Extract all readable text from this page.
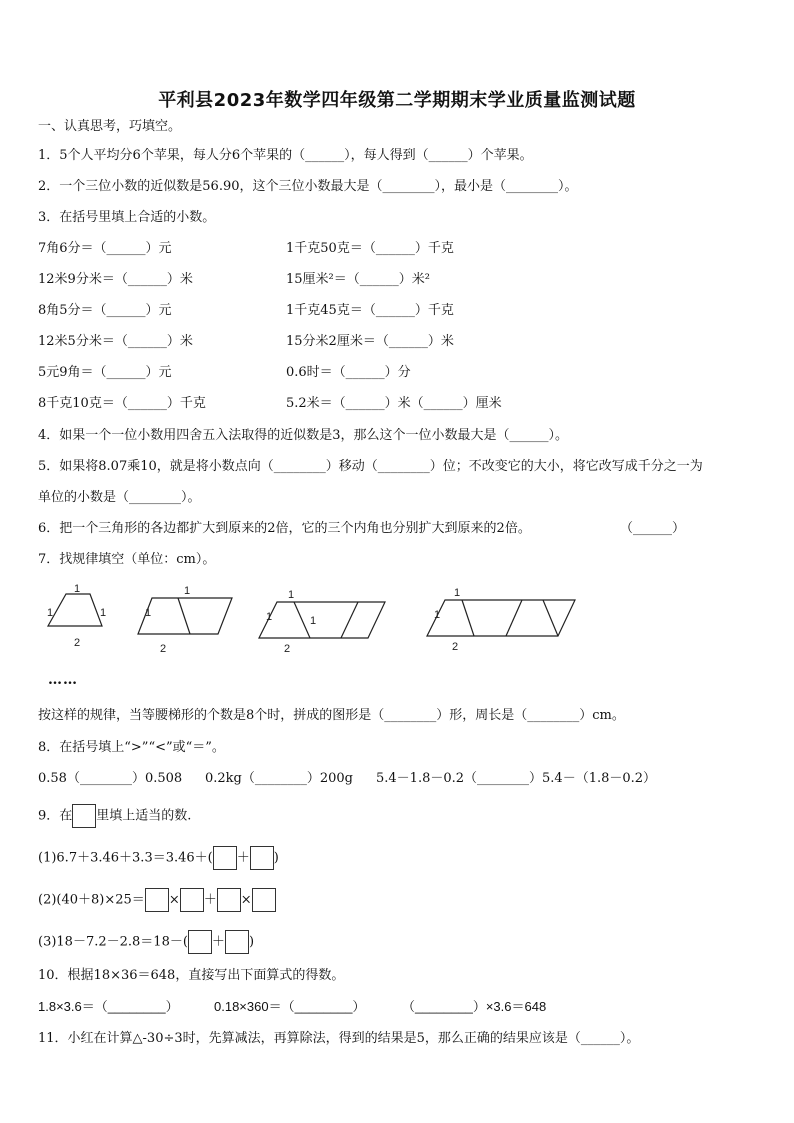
平利县2023年数学四年级第二学期期末学业质量监测试题
一、认真思考，巧填空。
1．5个人平均分6个苹果，每人分6个苹果的（______），每人得到（______）个苹果。
2．一个三位小数的近似数是56.90，这个三位小数最大是（________），最小是（________）。
3．在括号里填上合适的小数。
7角6分＝（______）元	1千克50克＝（______）千克
12米9分米＝（______）米	15厘米²＝（______）米²
8角5分＝（______）元	1千克45克＝（______）千克
12米5分米＝（______）米	15分米2厘米＝（______）米
5元9角＝（______）元	0.6时＝（______）分
8千克10克＝（______）千克	5.2米＝（______）米（______）厘米
4．如果一个一位小数用四舍五入法取得的近似数是3，那么这个一位小数最大是（______）。
5．如果将8.07乘10，就是将小数点向（________）移动（________）位；不改变它的大小，将它改写成千分之一为
单位的小数是（________）。
6．把一个三角形的各边都扩大到原来的2倍，它的三个内角也分别扩大到原来的2倍。	（______）
7．找规律填空（单位：cm）。
1
1	1
2
1
1
2
1	1
1
2
1
1
2
……
按这样的规律，当等腰梯形的个数是8个时，拼成的图形是（________）形，周长是（________）cm。
8．在括号填上“>”“<”或“＝”。
0.58（________）0.508 0.2kg（________）200g 5.4－1.8－0.2（________）5.4－（1.8－0.2）
9．在 里填上适当的数.
(1)6.7＋3.46＋3.3＝3.46＋( ＋ )
(2)(40＋8)×25＝ × ＋ ×
(3)18－7.2－2.8＝18－( ＋ )
10．根据18×36＝648，直接写出下面算式的得数。
1.8×3.6＝（________）	0.18×360＝（________）	（________）×3.6＝648
11．小红在计算△-30÷3时，先算减法，再算除法，得到的结果是5，那么正确的结果应该是（______）。
